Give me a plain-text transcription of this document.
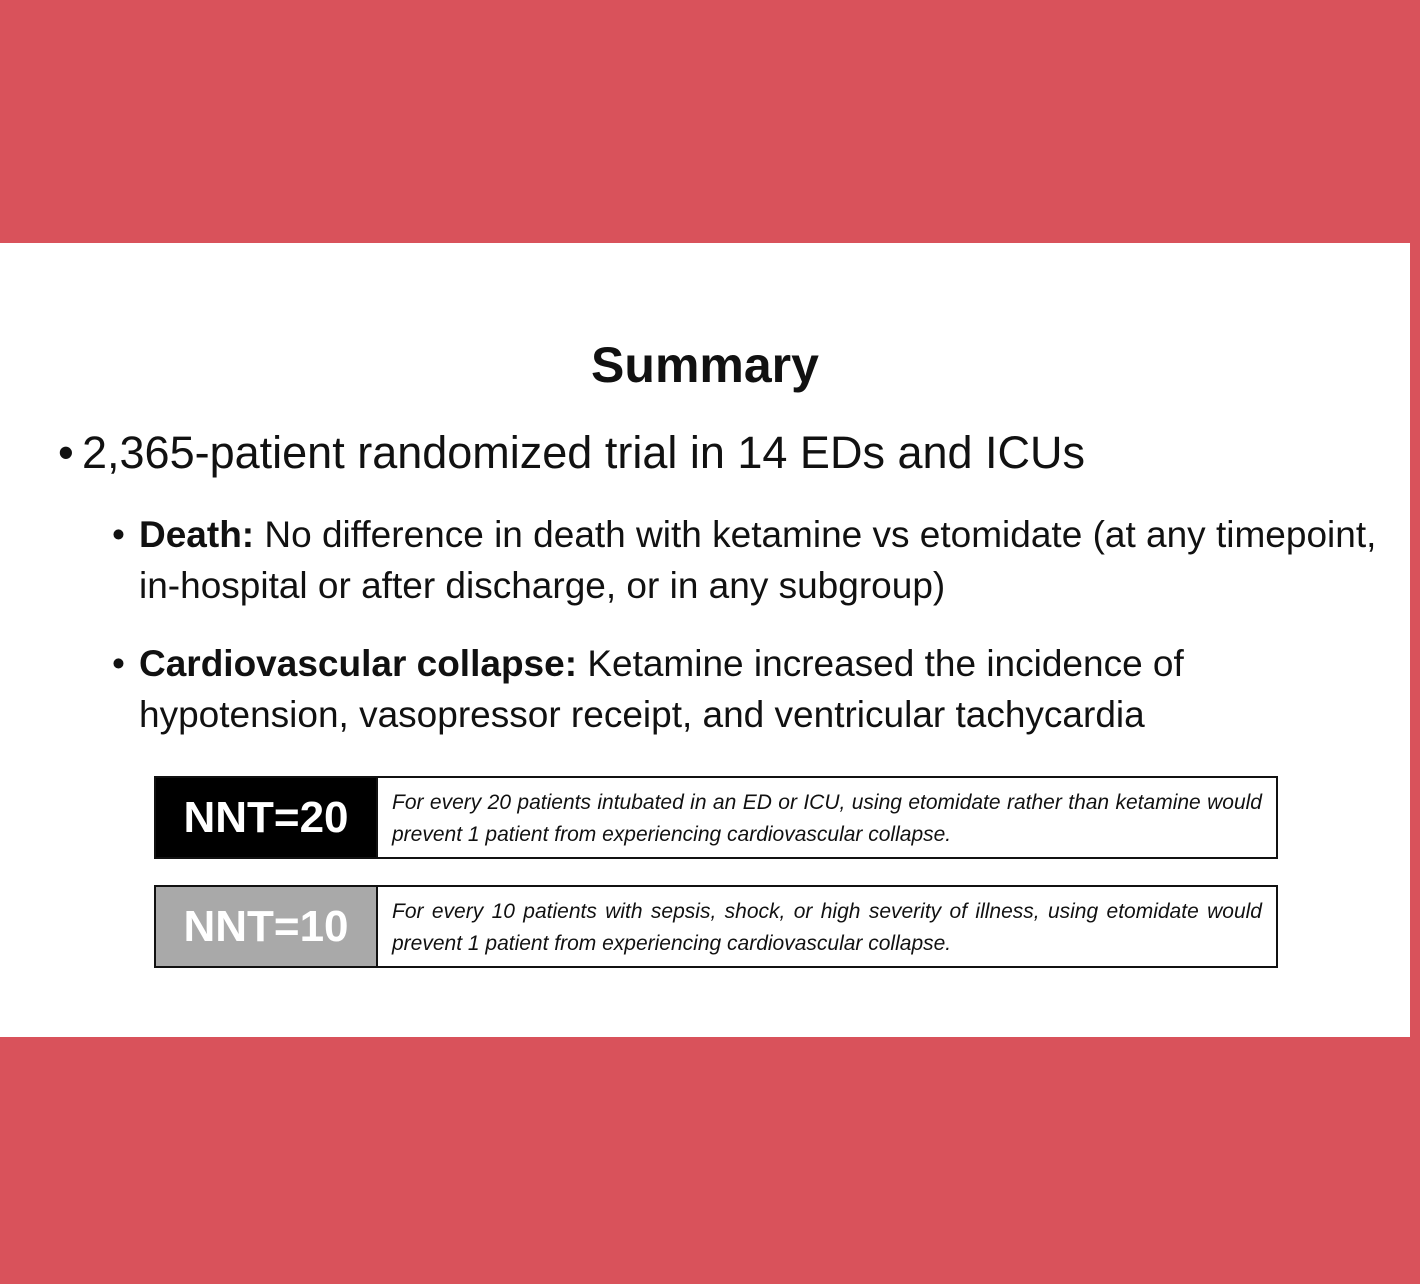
Summary
• 2,365-patient randomized trial in 14 EDs and ICUs
• Death: No difference in death with ketamine vs etomidate (at any timepoint, in-hospital or after discharge, or in any subgroup)
• Cardiovascular collapse: Ketamine increased the incidence of hypotension, vasopressor receipt, and ventricular tachycardia
NNT=20	For every 20 patients intubated in an ED or ICU, using etomidate rather than ketamine would prevent 1 patient from experiencing cardiovascular collapse.
NNT=10	For every 10 patients with sepsis, shock, or high severity of illness, using etomidate would prevent 1 patient from experiencing cardiovascular collapse.
